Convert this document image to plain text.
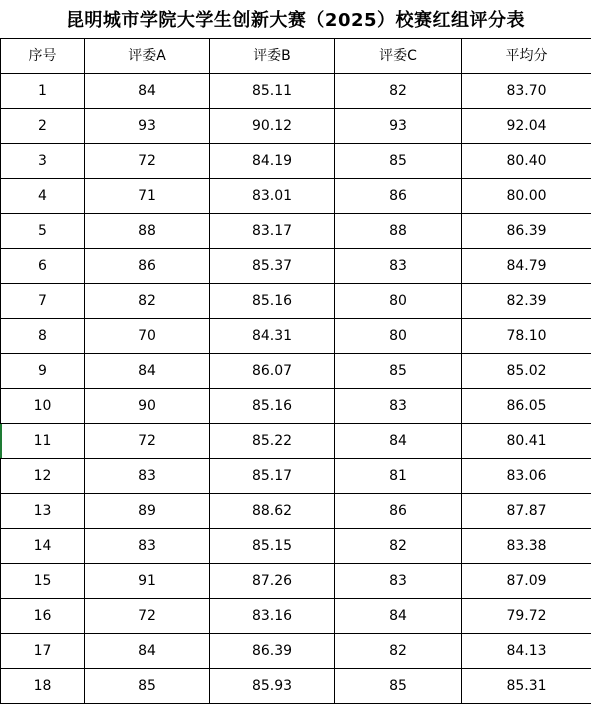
昆明城市学院大学生创新大赛（2025）校赛红组评分表
序号	评委A	评委B	评委C	平均分
1	84	85.11	82	83.70
2	93	90.12	93	92.04
3	72	84.19	85	80.40
4	71	83.01	86	80.00
5	88	83.17	88	86.39
6	86	85.37	83	84.79
7	82	85.16	80	82.39
8	70	84.31	80	78.10
9	84	86.07	85	85.02
10	90	85.16	83	86.05
11	72	85.22	84	80.41
12	83	85.17	81	83.06
13	89	88.62	86	87.87
14	83	85.15	82	83.38
15	91	87.26	83	87.09
16	72	83.16	84	79.72
17	84	86.39	82	84.13
18	85	85.93	85	85.31
